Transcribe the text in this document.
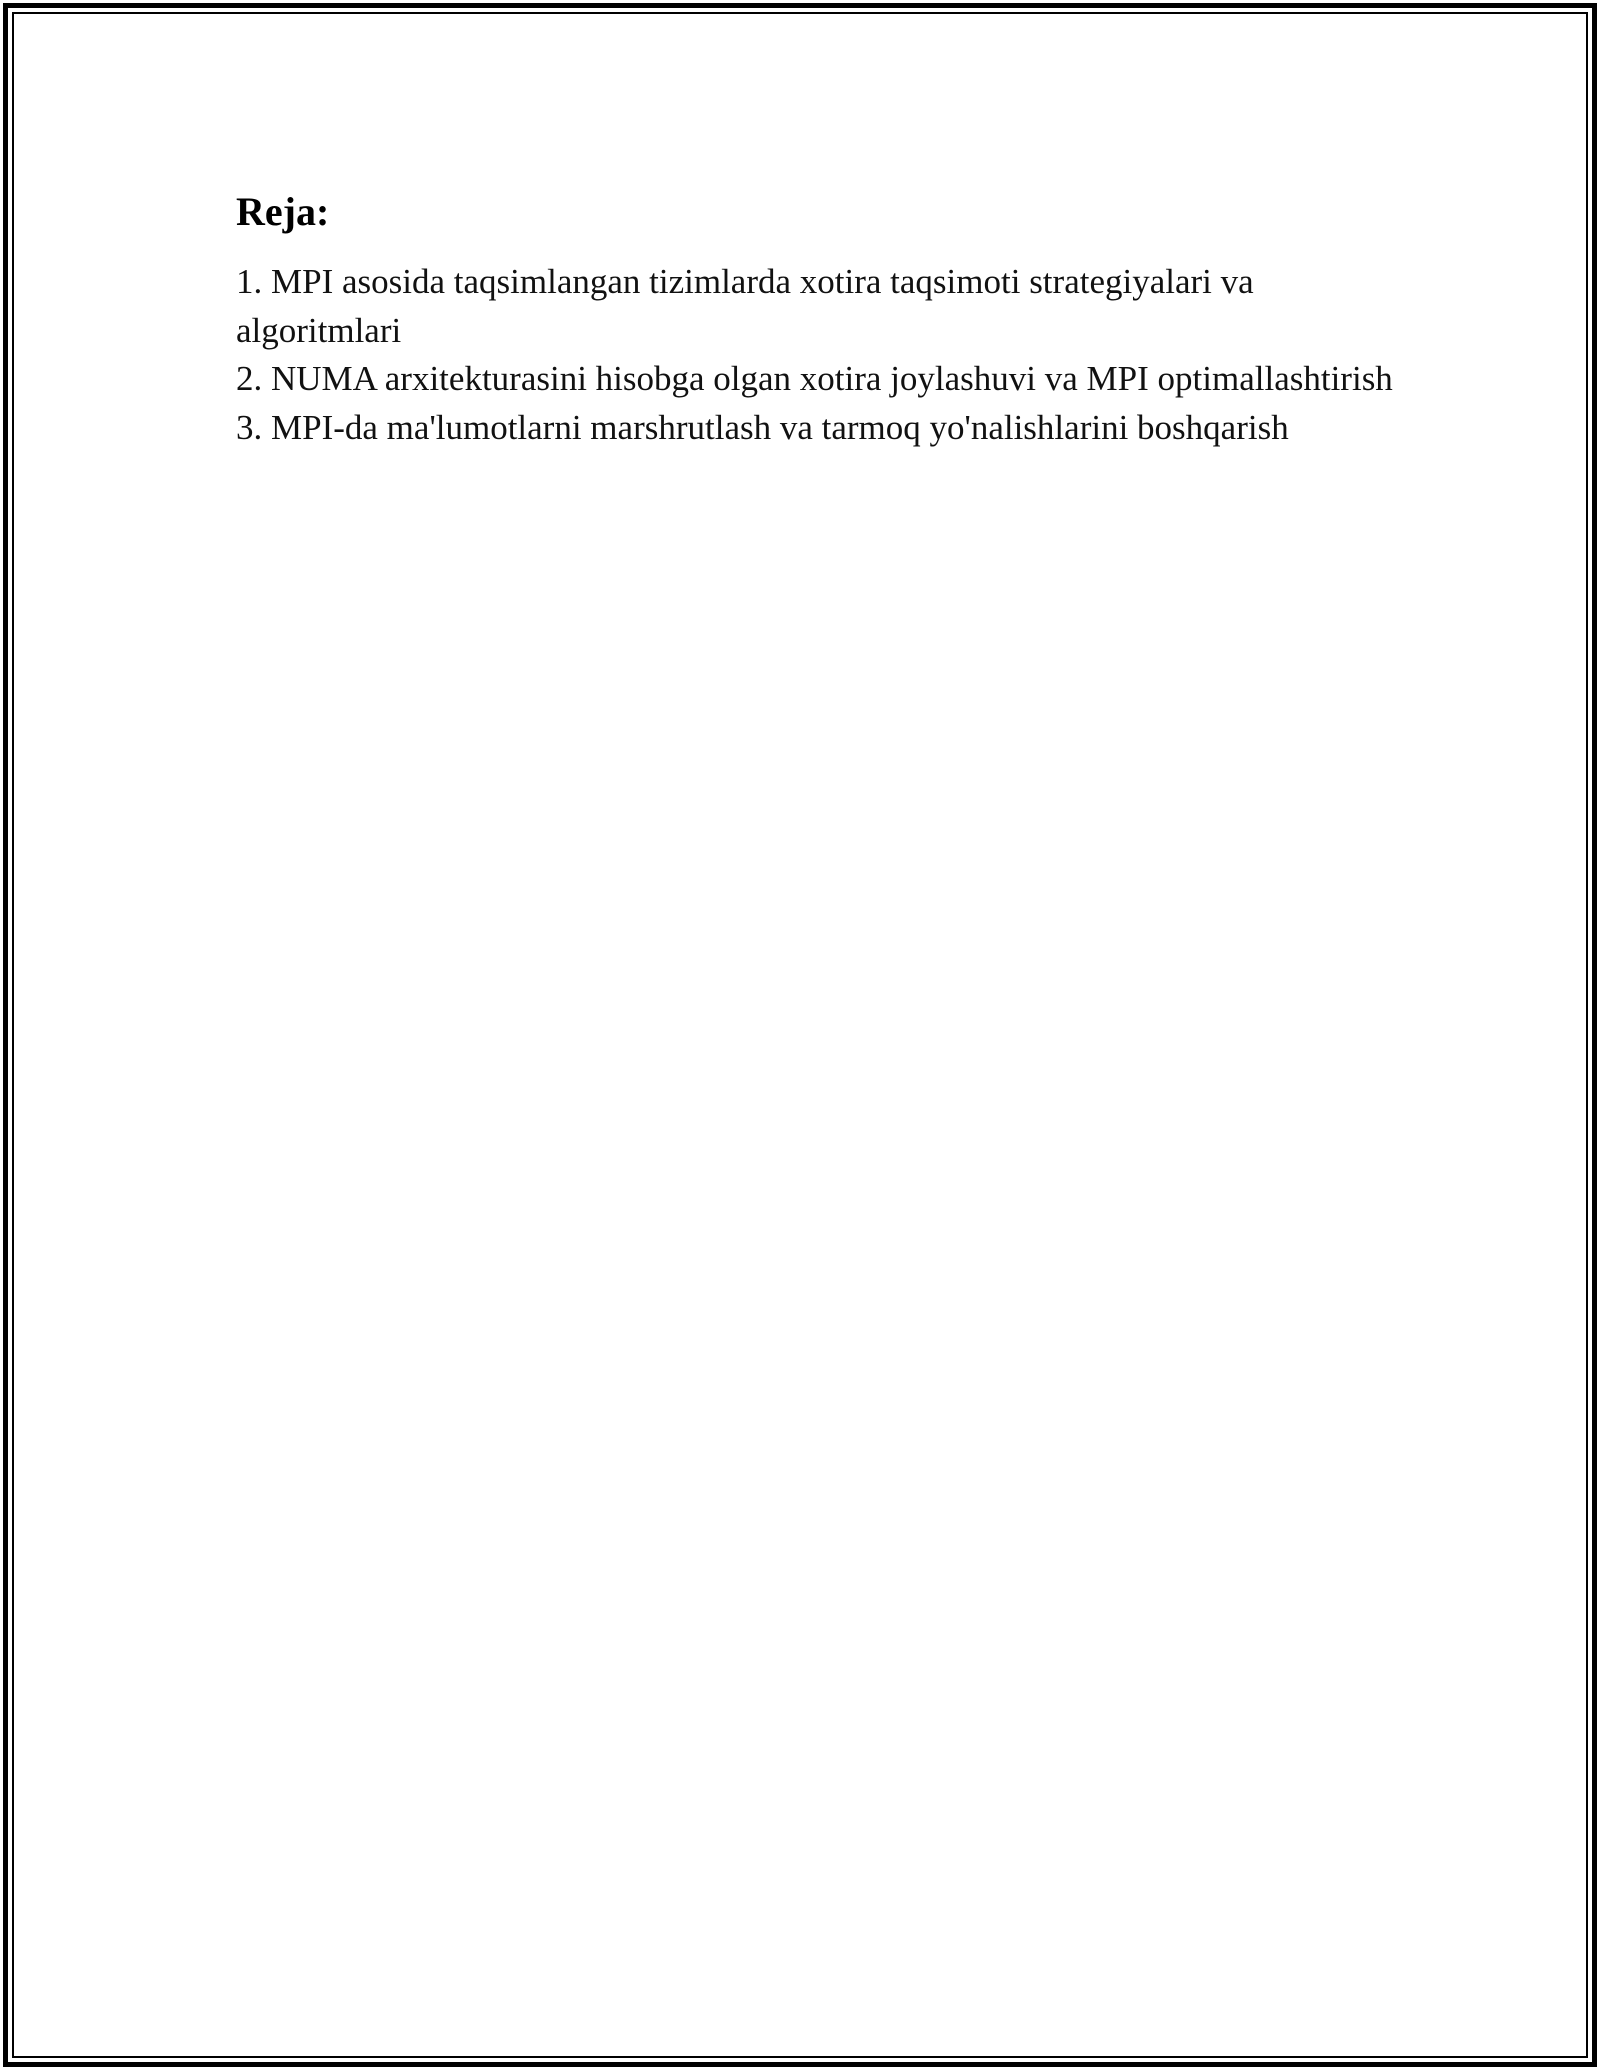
Reja:
1. MPI asosida taqsimlangan tizimlarda xotira taqsimoti strategiyalari va algoritmlari
2. NUMA arxitekturasini hisobga olgan xotira joylashuvi va MPI optimallashtirish
3. MPI-da ma'lumotlarni marshrutlash va tarmoq yo'nalishlarini boshqarish
